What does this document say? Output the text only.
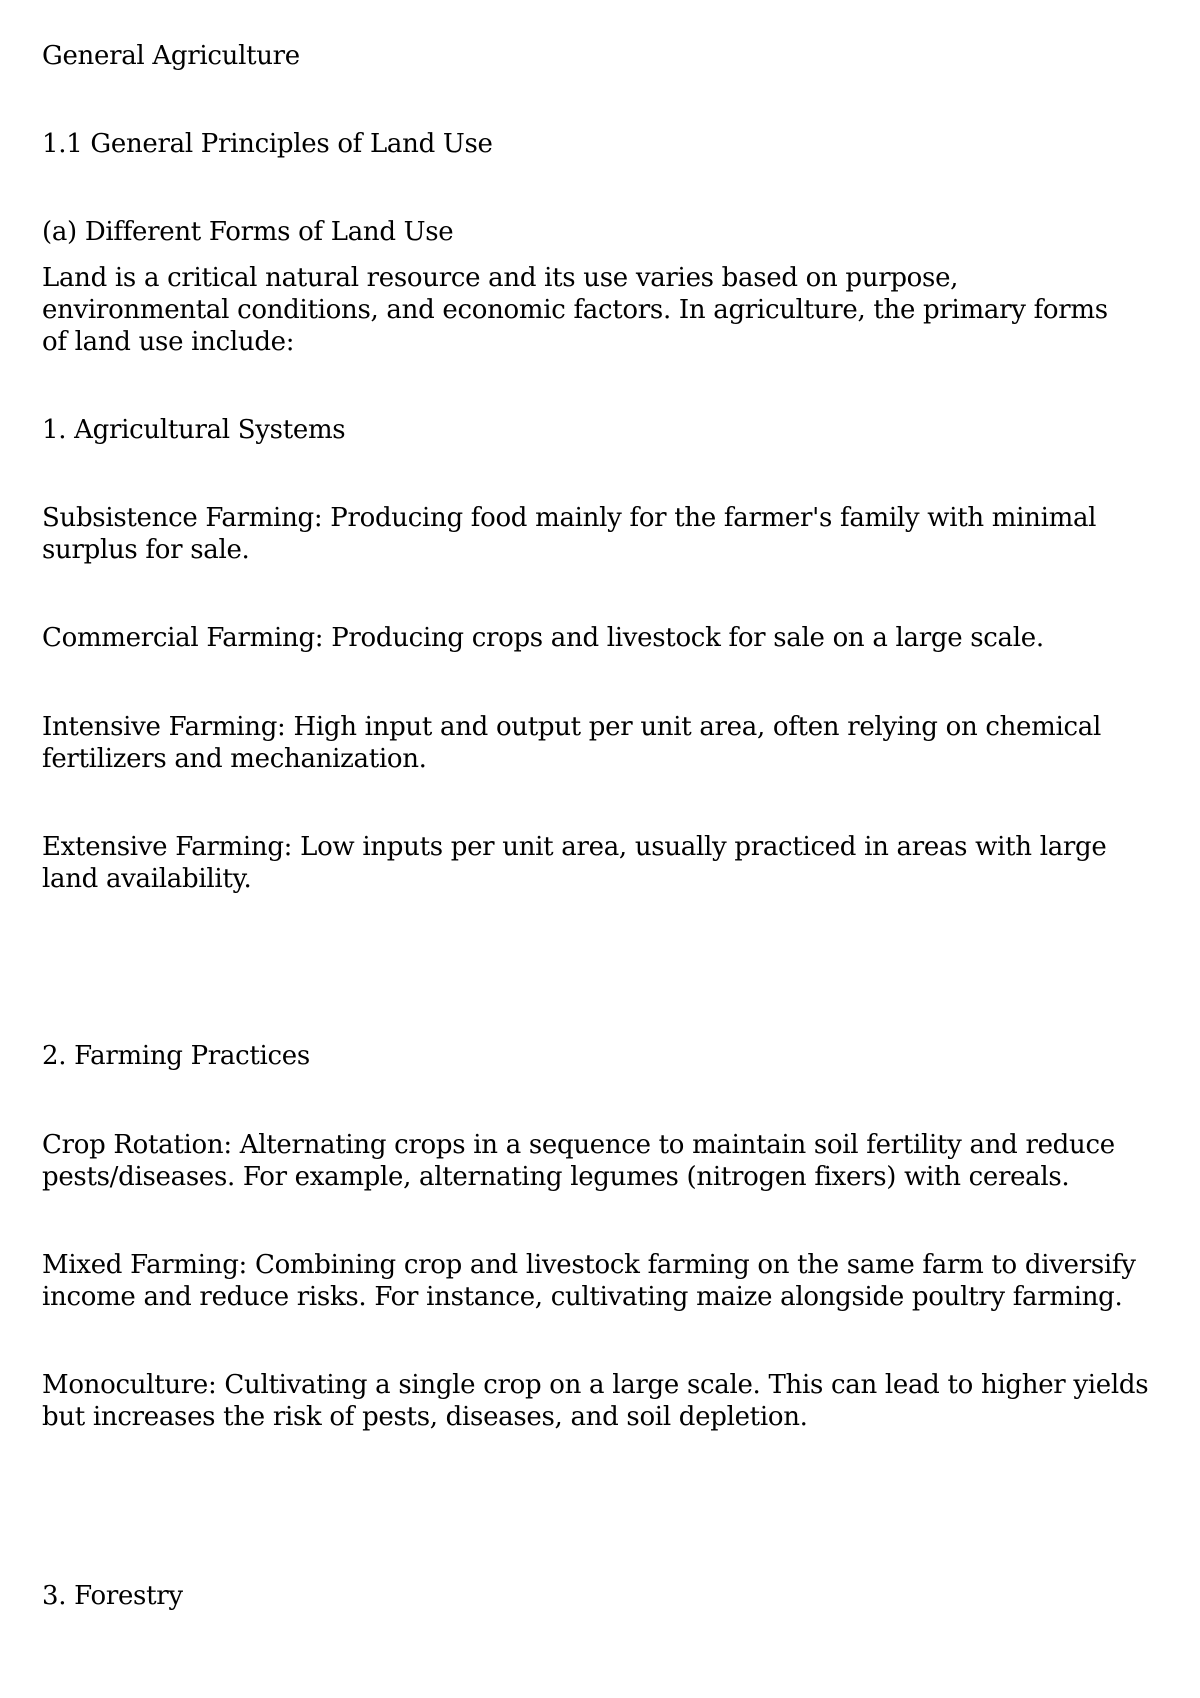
General Agriculture
1.1 General Principles of Land Use
(a) Different Forms of Land Use
Land is a critical natural resource and its use varies based on purpose,
environmental conditions, and economic factors. In agriculture, the primary forms
of land use include:
1. Agricultural Systems
Subsistence Farming: Producing food mainly for the farmer's family with minimal
surplus for sale.
Commercial Farming: Producing crops and livestock for sale on a large scale.
Intensive Farming: High input and output per unit area, often relying on chemical
fertilizers and mechanization.
Extensive Farming: Low inputs per unit area, usually practiced in areas with large
land availability.
2. Farming Practices
Crop Rotation: Alternating crops in a sequence to maintain soil fertility and reduce
pests/diseases. For example, alternating legumes (nitrogen fixers) with cereals.
Mixed Farming: Combining crop and livestock farming on the same farm to diversify
income and reduce risks. For instance, cultivating maize alongside poultry farming.
Monoculture: Cultivating a single crop on a large scale. This can lead to higher yields
but increases the risk of pests, diseases, and soil depletion.
3. Forestry
